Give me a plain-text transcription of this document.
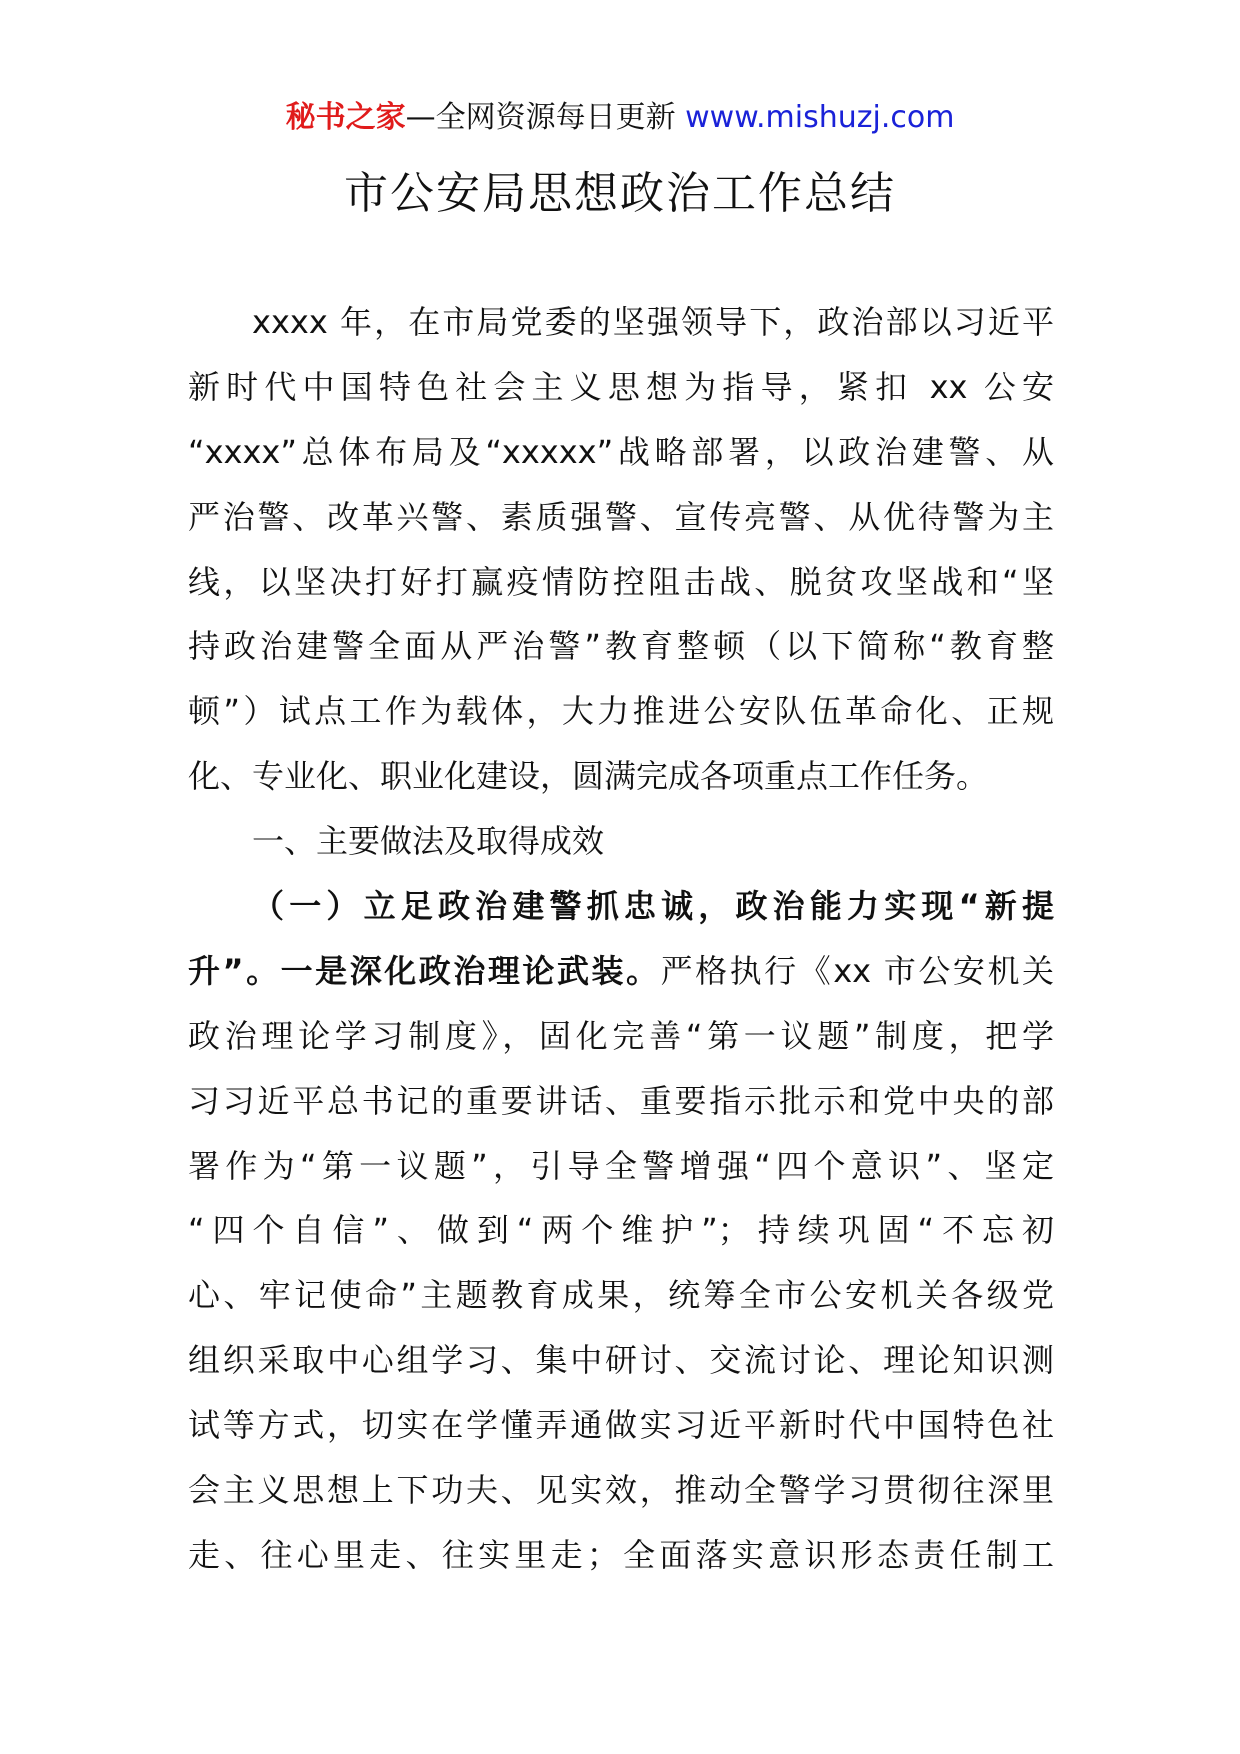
秘书之家—全网资源每日更新 www.mishuzj.com
市公安局思想政治工作总结
xxxx 年，在市局党委的坚强领导下，政治部以习近平
新时代中国特色社会主义思想为指导，紧扣 xx 公安
“xxxx”总体布局及“xxxxx”战略部署，以政治建警、从
严治警、改革兴警、素质强警、宣传亮警、从优待警为主
线，以坚决打好打赢疫情防控阻击战、脱贫攻坚战和“坚
持政治建警全面从严治警”教育整顿（以下简称“教育整
顿”）试点工作为载体，大力推进公安队伍革命化、正规
化、专业化、职业化建设，圆满完成各项重点工作任务。
一、主要做法及取得成效
（一）立足政治建警抓忠诚，政治能力实现“新提
升”。一是深化政治理论武装。严格执行《xx 市公安机关
政治理论学习制度》，固化完善“第一议题”制度，把学
习习近平总书记的重要讲话、重要指示批示和党中央的部
署作为“第一议题”，引导全警增强“四个意识”、坚定
“四个自信”、做到“两个维护”；持续巩固“不忘初
心、牢记使命”主题教育成果，统筹全市公安机关各级党
组织采取中心组学习、集中研讨、交流讨论、理论知识测
试等方式，切实在学懂弄通做实习近平新时代中国特色社
会主义思想上下功夫、见实效，推动全警学习贯彻往深里
走、往心里走、往实里走；全面落实意识形态责任制工
